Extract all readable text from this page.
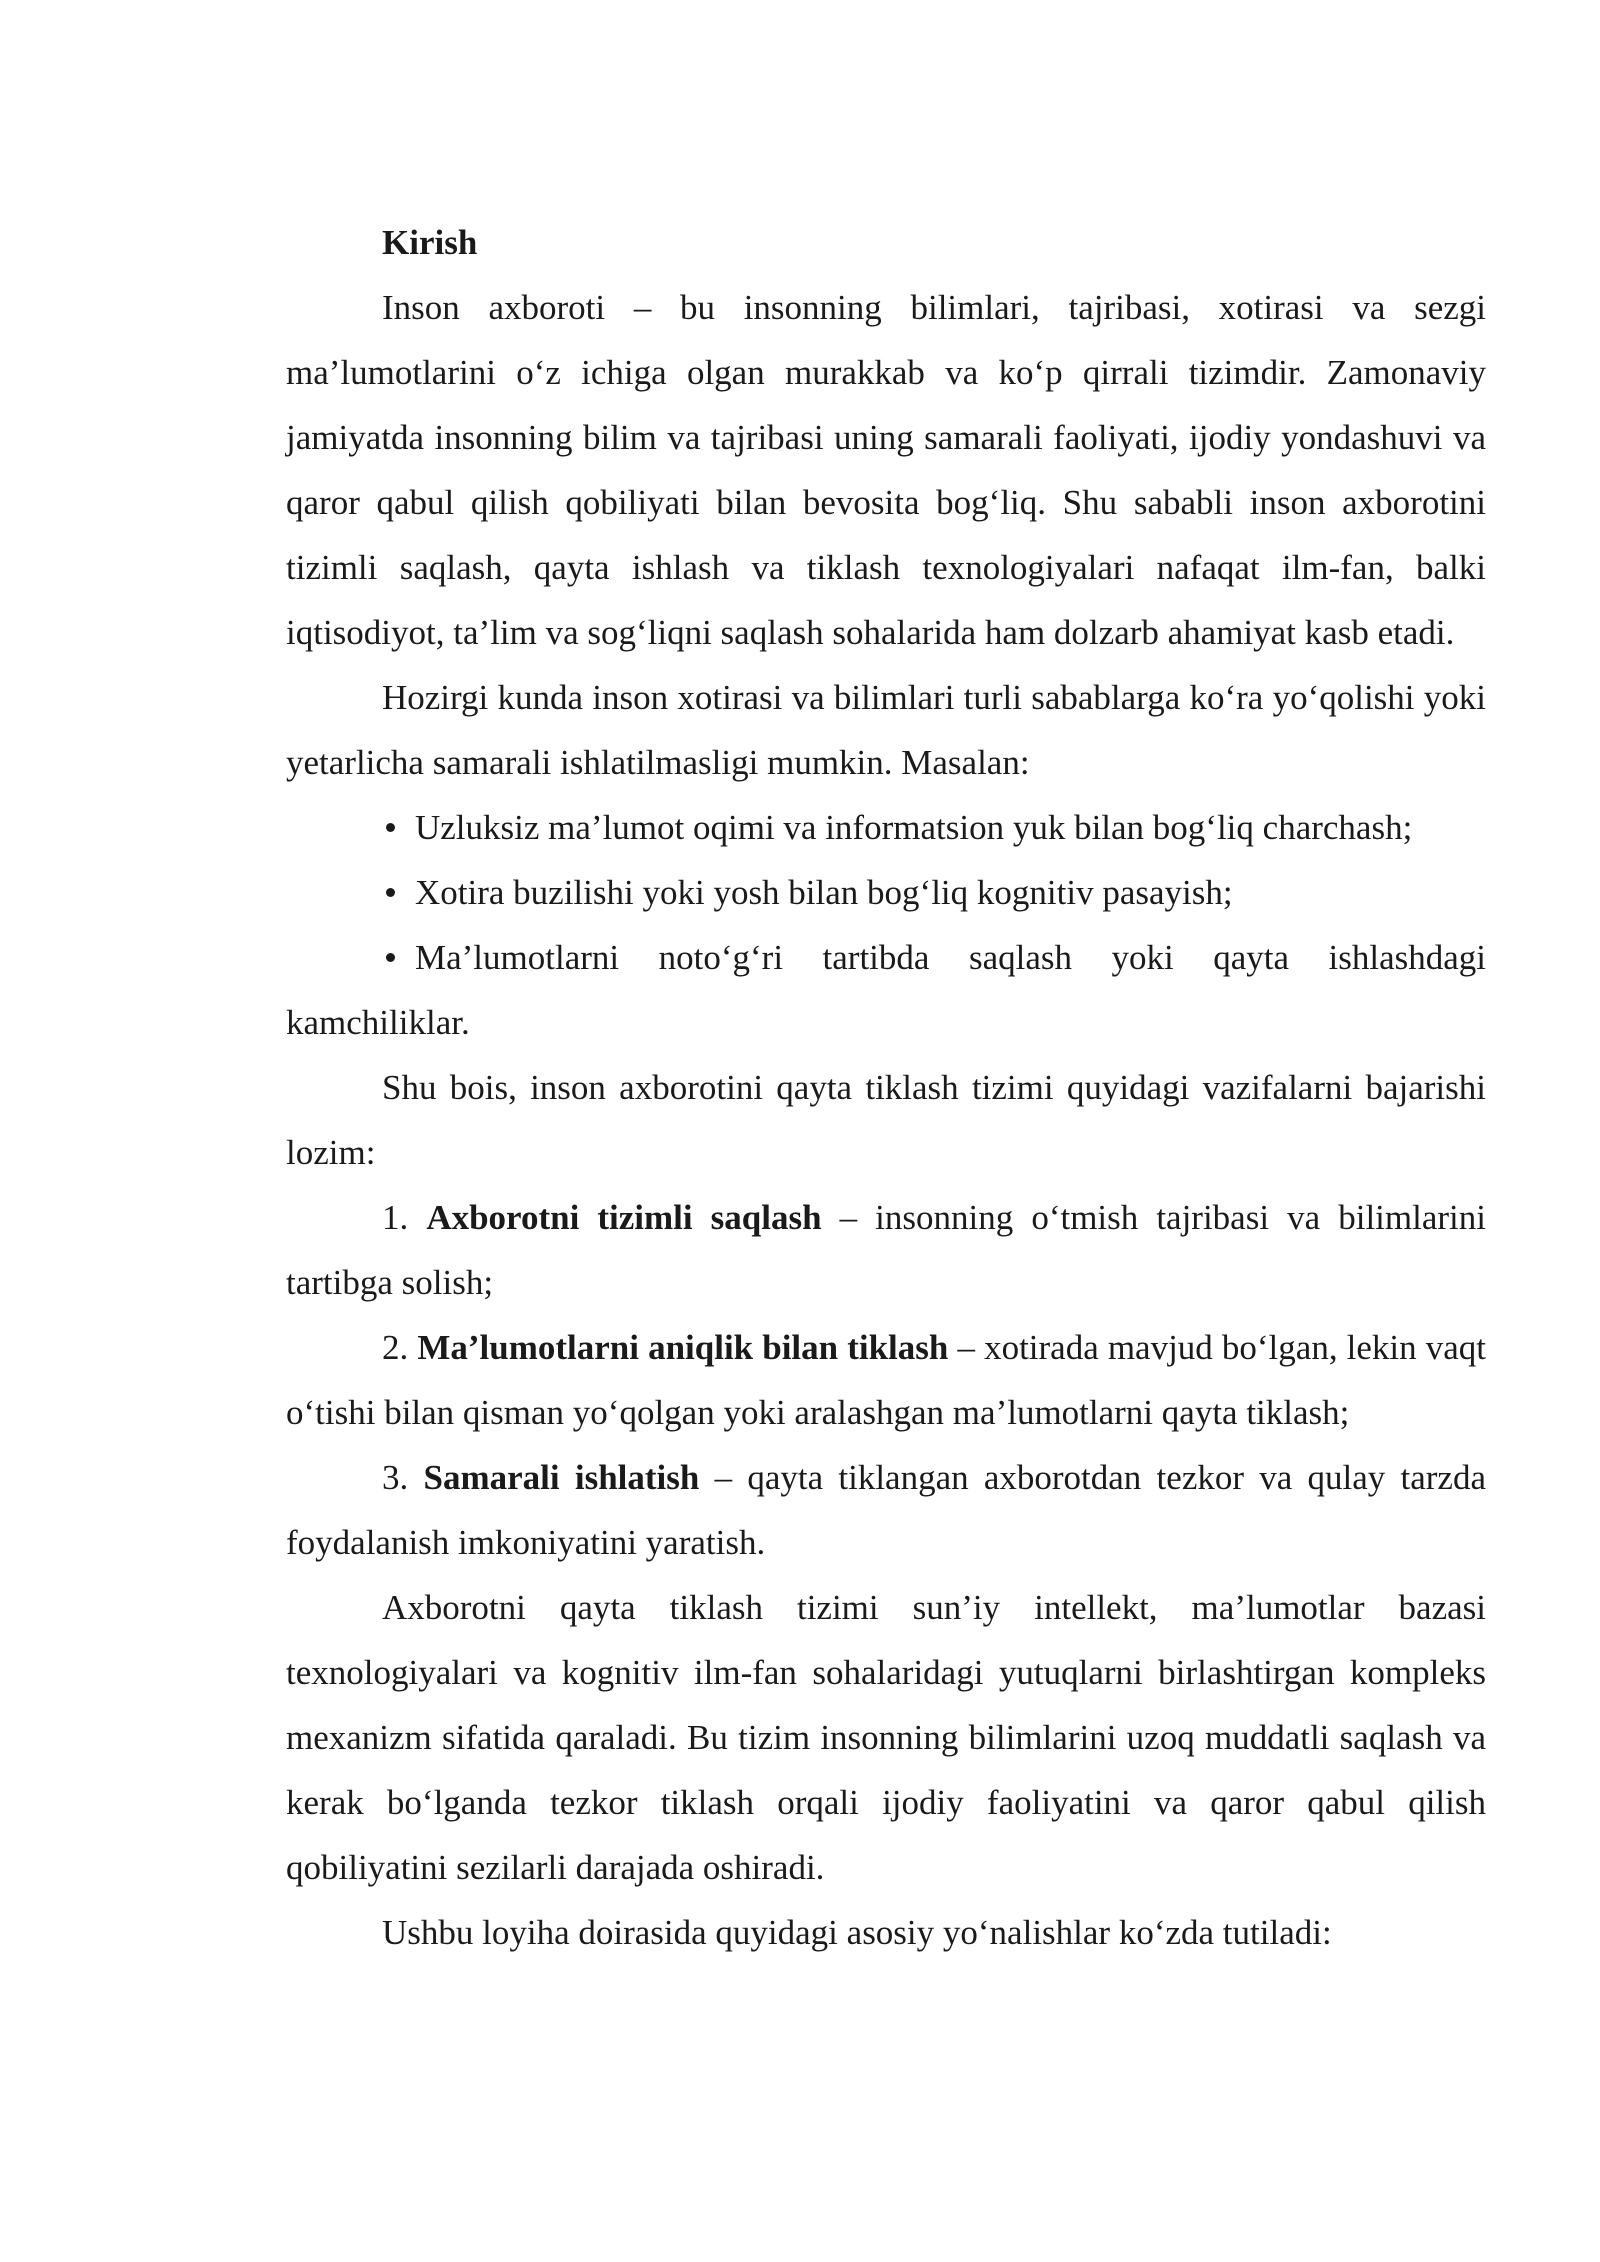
Kirish

Inson axboroti – bu insonning bilimlari, tajribasi, xotirasi va sezgi ma’lumotlarini o‘z ichiga olgan murakkab va ko‘p qirrali tizimdir. Zamonaviy jamiyatda insonning bilim va tajribasi uning samarali faoliyati, ijodiy yondashuvi va qaror qabul qilish qobiliyati bilan bevosita bog‘liq. Shu sababli inson axborotini tizimli saqlash, qayta ishlash va tiklash texnologiyalari nafaqat ilm-fan, balki iqtisodiyot, ta’lim va sog‘liqni saqlash sohalarida ham dolzarb ahamiyat kasb etadi.

Hozirgi kunda inson xotirasi va bilimlari turli sabablarga ko‘ra yo‘qolishi yoki yetarlicha samarali ishlatilmasligi mumkin. Masalan:

Uzluksiz ma’lumot oqimi va informatsion yuk bilan bog‘liq charchash;

Xotira buzilishi yoki yosh bilan bog‘liq kognitiv pasayish;

Ma’lumotlarni noto‘g‘ri tartibda saqlash yoki qayta ishlashdagi kamchiliklar.

Shu bois, inson axborotini qayta tiklash tizimi quyidagi vazifalarni bajarishi lozim:

1. Axborotni tizimli saqlash – insonning o‘tmish tajribasi va bilimlarini tartibga solish;

2. Ma’lumotlarni aniqlik bilan tiklash – xotirada mavjud bo‘lgan, lekin vaqt o‘tishi bilan qisman yo‘qolgan yoki aralashgan ma’lumotlarni qayta tiklash;

3. Samarali ishlatish – qayta tiklangan axborotdan tezkor va qulay tarzda foydalanish imkoniyatini yaratish.

Axborotni qayta tiklash tizimi sun’iy intellekt, ma’lumotlar bazasi texnologiyalari va kognitiv ilm-fan sohalaridagi yutuqlarni birlashtirgan kompleks mexanizm sifatida qaraladi. Bu tizim insonning bilimlarini uzoq muddatli saqlash va kerak bo‘lganda tezkor tiklash orqali ijodiy faoliyatini va qaror qabul qilish qobiliyatini sezilarli darajada oshiradi.

Ushbu loyiha doirasida quyidagi asosiy yo‘nalishlar ko‘zda tutiladi:
